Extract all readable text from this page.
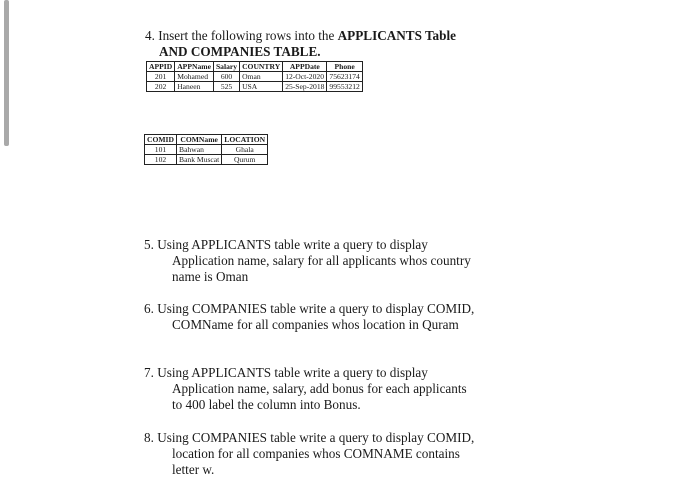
4. Insert the following rows into the APPLICANTS Table
AND COMPANIES TABLE.
APPID	APPName	Salary	COUNTRY	APPDate	Phone
201	Mohamed	600	Oman	12-Oct-2020	75623174
202	Haneen	525	USA	25-Sep-2018	99553212
COMID	COMName	LOCATION
101	Bahwan	Ghala
102	Bank Muscat	Qurum
5. Using APPLICANTS table write a query to display
Application name, salary for all applicants whos country
name is Oman
6. Using COMPANIES table write a query to display COMID,
COMName for all companies whos location in Quram
7. Using APPLICANTS table write a query to display
Application name, salary, add bonus for each applicants
to 400 label the column into Bonus.
8. Using COMPANIES table write a query to display COMID,
location for all companies whos COMNAME contains
letter w.
